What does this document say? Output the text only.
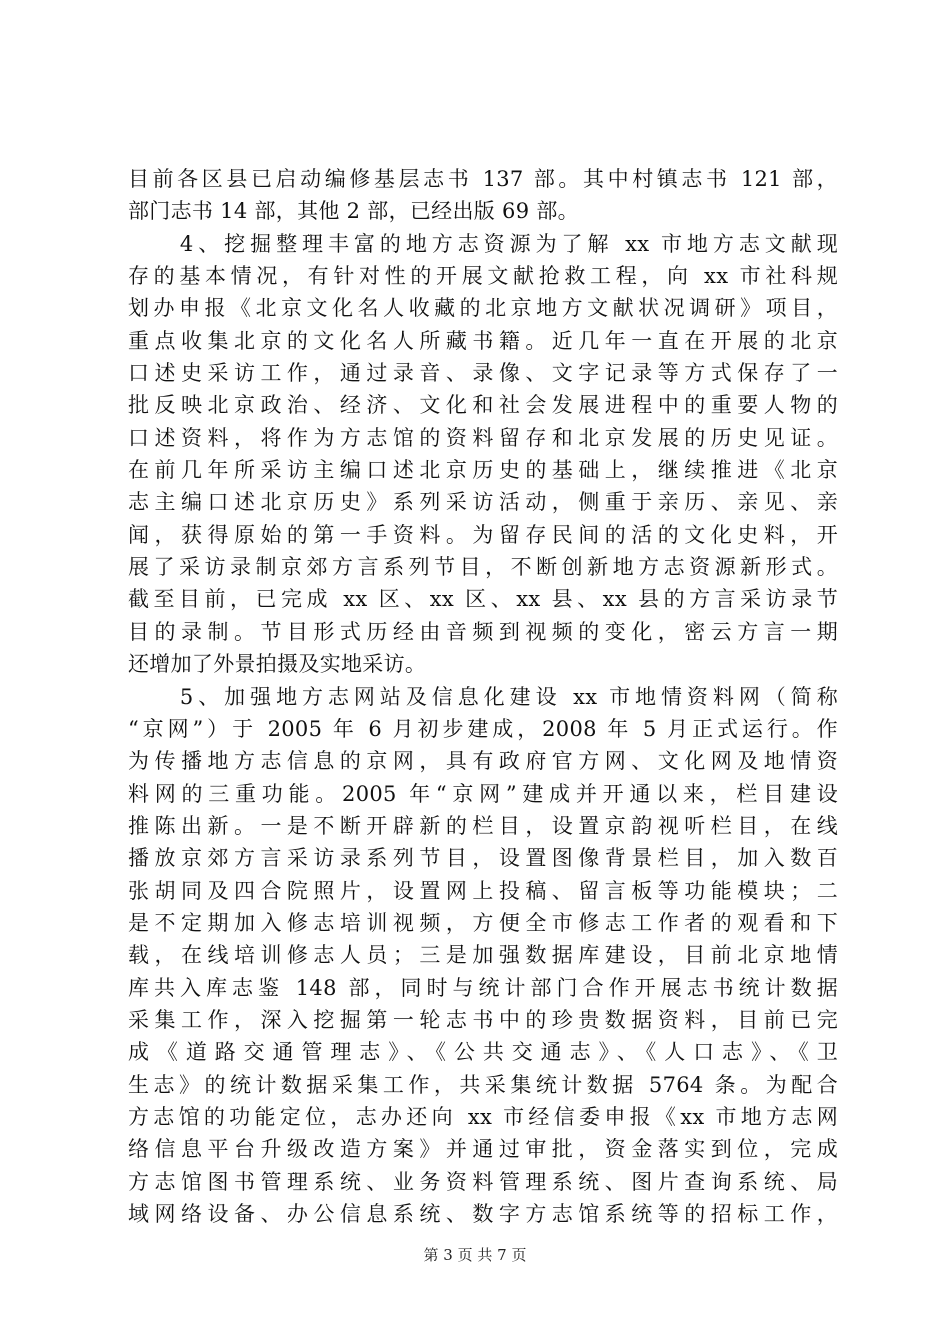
目前各区县已启动编修基层志书 137 部。其中村镇志书 121 部，
部门志书 14 部，其他 2 部，已经出版 69 部。
　　4、挖掘整理丰富的地方志资源为了解 xx 市地方志文献现
存的基本情况，有针对性的开展文献抢救工程，向 xx 市社科规
划办申报《北京文化名人收藏的北京地方文献状况调研》项目，
重点收集北京的文化名人所藏书籍。近几年一直在开展的北京
口述史采访工作，通过录音、录像、文字记录等方式保存了一
批反映北京政治、经济、文化和社会发展进程中的重要人物的
口述资料，将作为方志馆的资料留存和北京发展的历史见证。
在前几年所采访主编口述北京历史的基础上，继续推进《北京
志主编口述北京历史》系列采访活动，侧重于亲历、亲见、亲
闻，获得原始的第一手资料。为留存民间的活的文化史料，开
展了采访录制京郊方言系列节目，不断创新地方志资源新形式。
截至目前，已完成 xx 区、xx 区、xx 县、xx 县的方言采访录节
目的录制。节目形式历经由音频到视频的变化，密云方言一期
还增加了外景拍摄及实地采访。
　　5、加强地方志网站及信息化建设 xx 市地情资料网（简称
“京网”）于 2005 年 6 月初步建成，2008 年 5 月正式运行。作
为传播地方志信息的京网，具有政府官方网、文化网及地情资
料网的三重功能。2005 年“京网”建成并开通以来，栏目建设
推陈出新。一是不断开辟新的栏目，设置京韵视听栏目，在线
播放京郊方言采访录系列节目，设置图像背景栏目，加入数百
张胡同及四合院照片，设置网上投稿、留言板等功能模块；二
是不定期加入修志培训视频，方便全市修志工作者的观看和下
载，在线培训修志人员；三是加强数据库建设，目前北京地情
库共入库志鉴 148 部，同时与统计部门合作开展志书统计数据
采集工作，深入挖掘第一轮志书中的珍贵数据资料，目前已完
成《道路交通管理志》、《公共交通志》、《人口志》、《卫
生志》的统计数据采集工作，共采集统计数据 5764 条。为配合
方志馆的功能定位，志办还向 xx 市经信委申报《xx 市地方志网
络信息平台升级改造方案》并通过审批，资金落实到位，完成
方志馆图书管理系统、业务资料管理系统、图片查询系统、局
域网络设备、办公信息系统、数字方志馆系统等的招标工作，
第 3 页 共 7 页
